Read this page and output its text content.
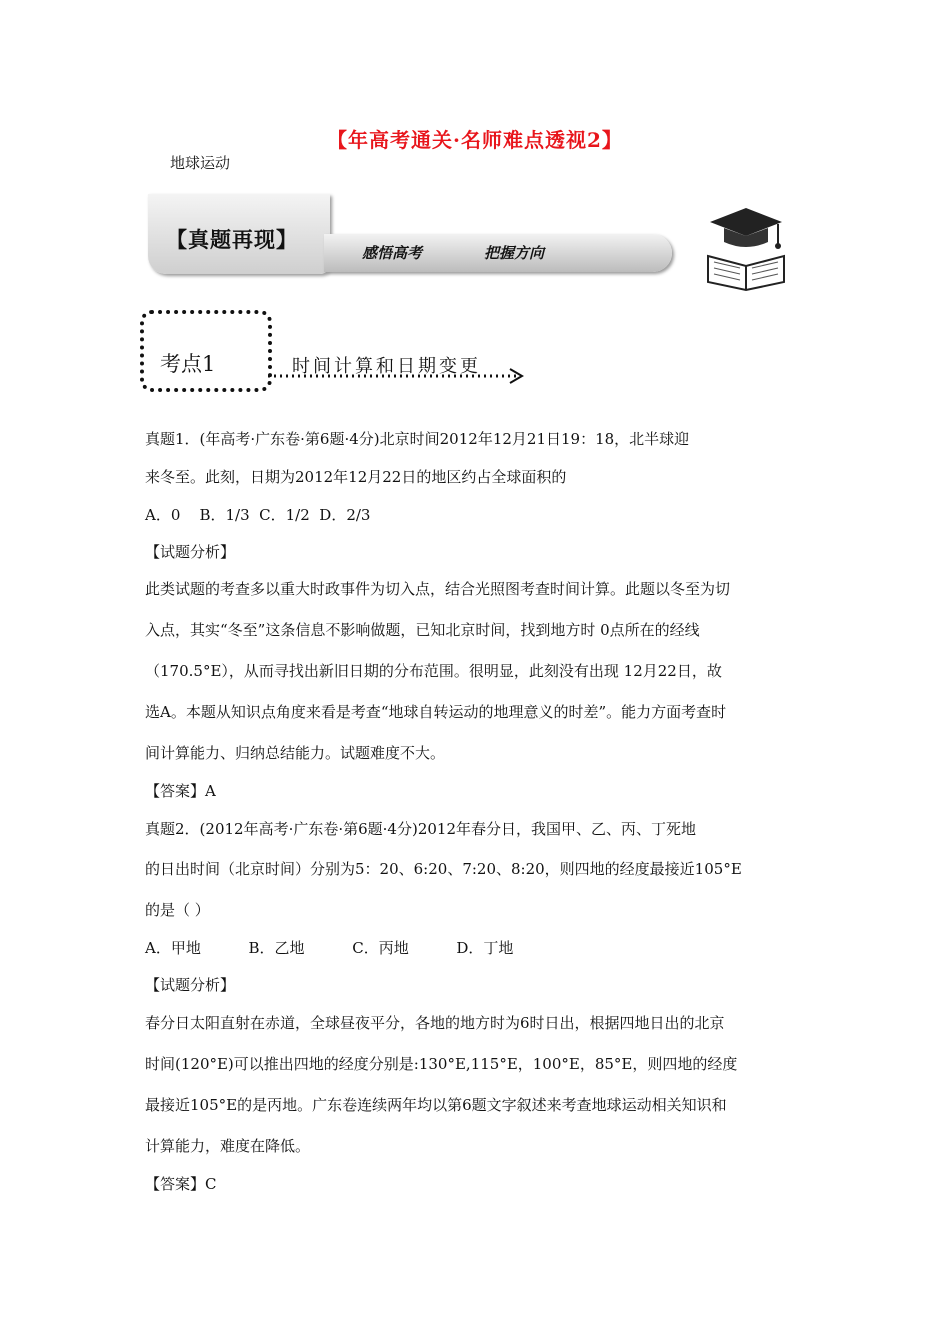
【年高考通关·名师难点透视2】
地球运动
【真题再现】
感悟高考	把握方向
考点1	时间计算和日期变更
真题1．(年高考·广东卷·第6题·4分)北京时间2012年12月21日19：18，北半球迎
来冬至。此刻，日期为2012年12月22日的地区约占全球面积的
A．0    B．1/3  C．1/2  D．2/3
【试题分析】
此类试题的考查多以重大时政事件为切入点，结合光照图考查时间计算。此题以冬至为切
入点，其实“冬至”这条信息不影响做题，已知北京时间，找到地方时 0点所在的经线
（170.5°E），从而寻找出新旧日期的分布范围。很明显，此刻没有出现 12月22日，故
选A。本题从知识点角度来看是考查“地球自转运动的地理意义的时差”。能力方面考查时
间计算能力、归纳总结能力。试题难度不大。
【答案】A
真题2．(2012年高考·广东卷·第6题·4分)2012年春分日，我国甲、乙、丙、丁死地
的日出时间（北京时间）分别为5：20、6:20、7:20、8:20，则四地的经度最接近105°E
的是（ ）
A．甲地          B．乙地          C．丙地          D．丁地
【试题分析】
春分日太阳直射在赤道，全球昼夜平分，各地的地方时为6时日出，根据四地日出的北京
时间(120°E)可以推出四地的经度分别是:130°E,115°E，100°E，85°E，则四地的经度
最接近105°E的是丙地。广东卷连续两年均以第6题文字叙述来考查地球运动相关知识和
计算能力，难度在降低。
【答案】C
